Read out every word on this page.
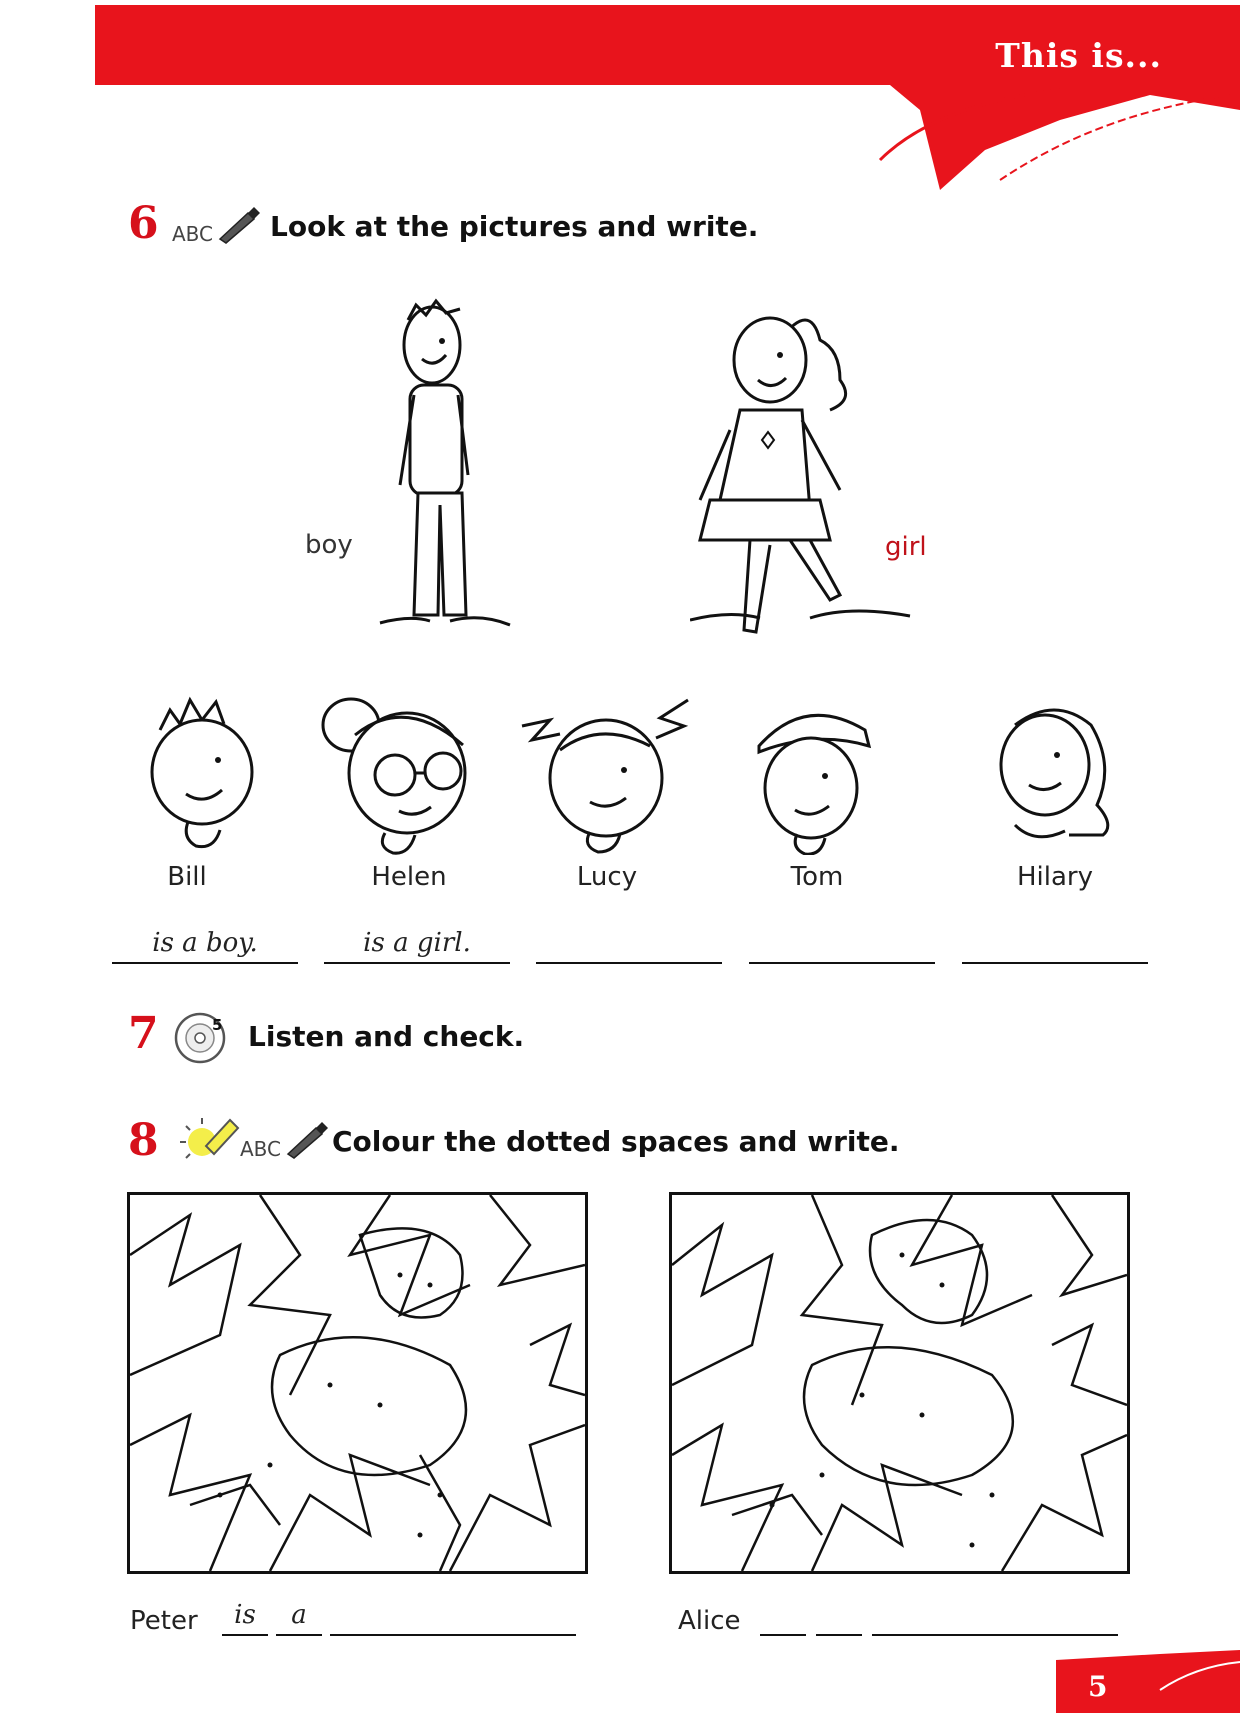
This is...
6 ABC Look at the pictures and write.
boy	girl
Bill	Helen	Lucy	Tom	Hilary
is a boy.	is a girl.
7	5 Listen and check.
8	ABC Colour the dotted spaces and write.
Peter	is	a	Alice
5
